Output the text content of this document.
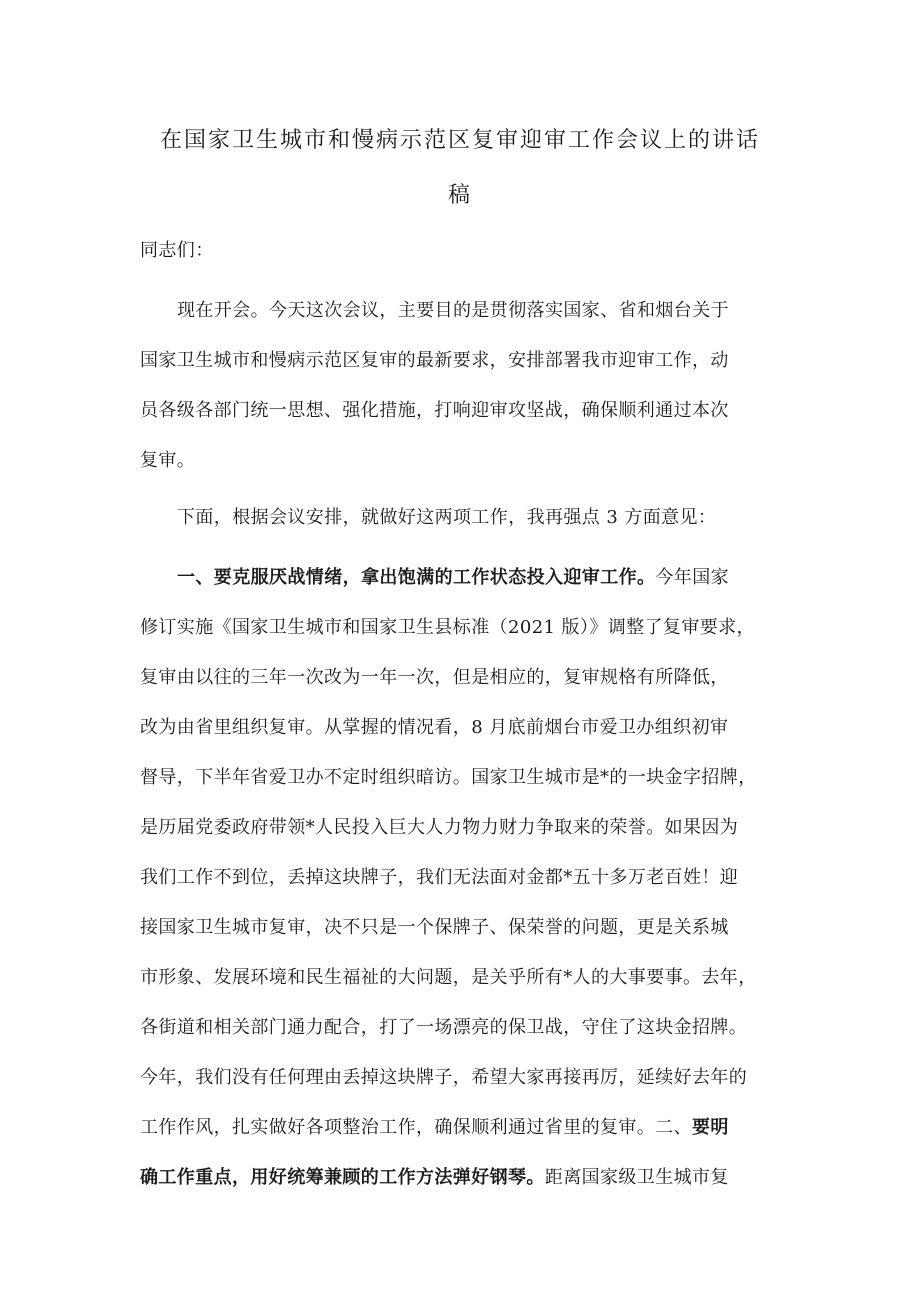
在国家卫生城市和慢病示范区复审迎审工作会议上的讲话
稿
同志们：
现在开会。今天这次会议，主要目的是贯彻落实国家、省和烟台关于
国家卫生城市和慢病示范区复审的最新要求，安排部署我市迎审工作，动
员各级各部门统一思想、强化措施，打响迎审攻坚战，确保顺利通过本次
复审。
下面，根据会议安排，就做好这两项工作，我再强点 3 方面意见：
一、要克服厌战情绪，拿出饱满的工作状态投入迎审工作。今年国家
修订实施《国家卫生城市和国家卫生县标准（2021 版）》调整了复审要求，
复审由以往的三年一次改为一年一次，但是相应的，复审规格有所降低，
改为由省里组织复审。从掌握的情况看，8 月底前烟台市爱卫办组织初审
督导，下半年省爱卫办不定时组织暗访。国家卫生城市是*的一块金字招牌，
是历届党委政府带领*人民投入巨大人力物力财力争取来的荣誉。如果因为
我们工作不到位，丢掉这块牌子，我们无法面对金都*五十多万老百姓！迎
接国家卫生城市复审，决不只是一个保牌子、保荣誉的问题，更是关系城
市形象、发展环境和民生福祉的大问题，是关乎所有*人的大事要事。去年，
各街道和相关部门通力配合，打了一场漂亮的保卫战，守住了这块金招牌。
今年，我们没有任何理由丢掉这块牌子，希望大家再接再厉，延续好去年的
工作作风，扎实做好各项整治工作，确保顺利通过省里的复审。二、要明
确工作重点，用好统筹兼顾的工作方法弹好钢琴。距离国家级卫生城市复
